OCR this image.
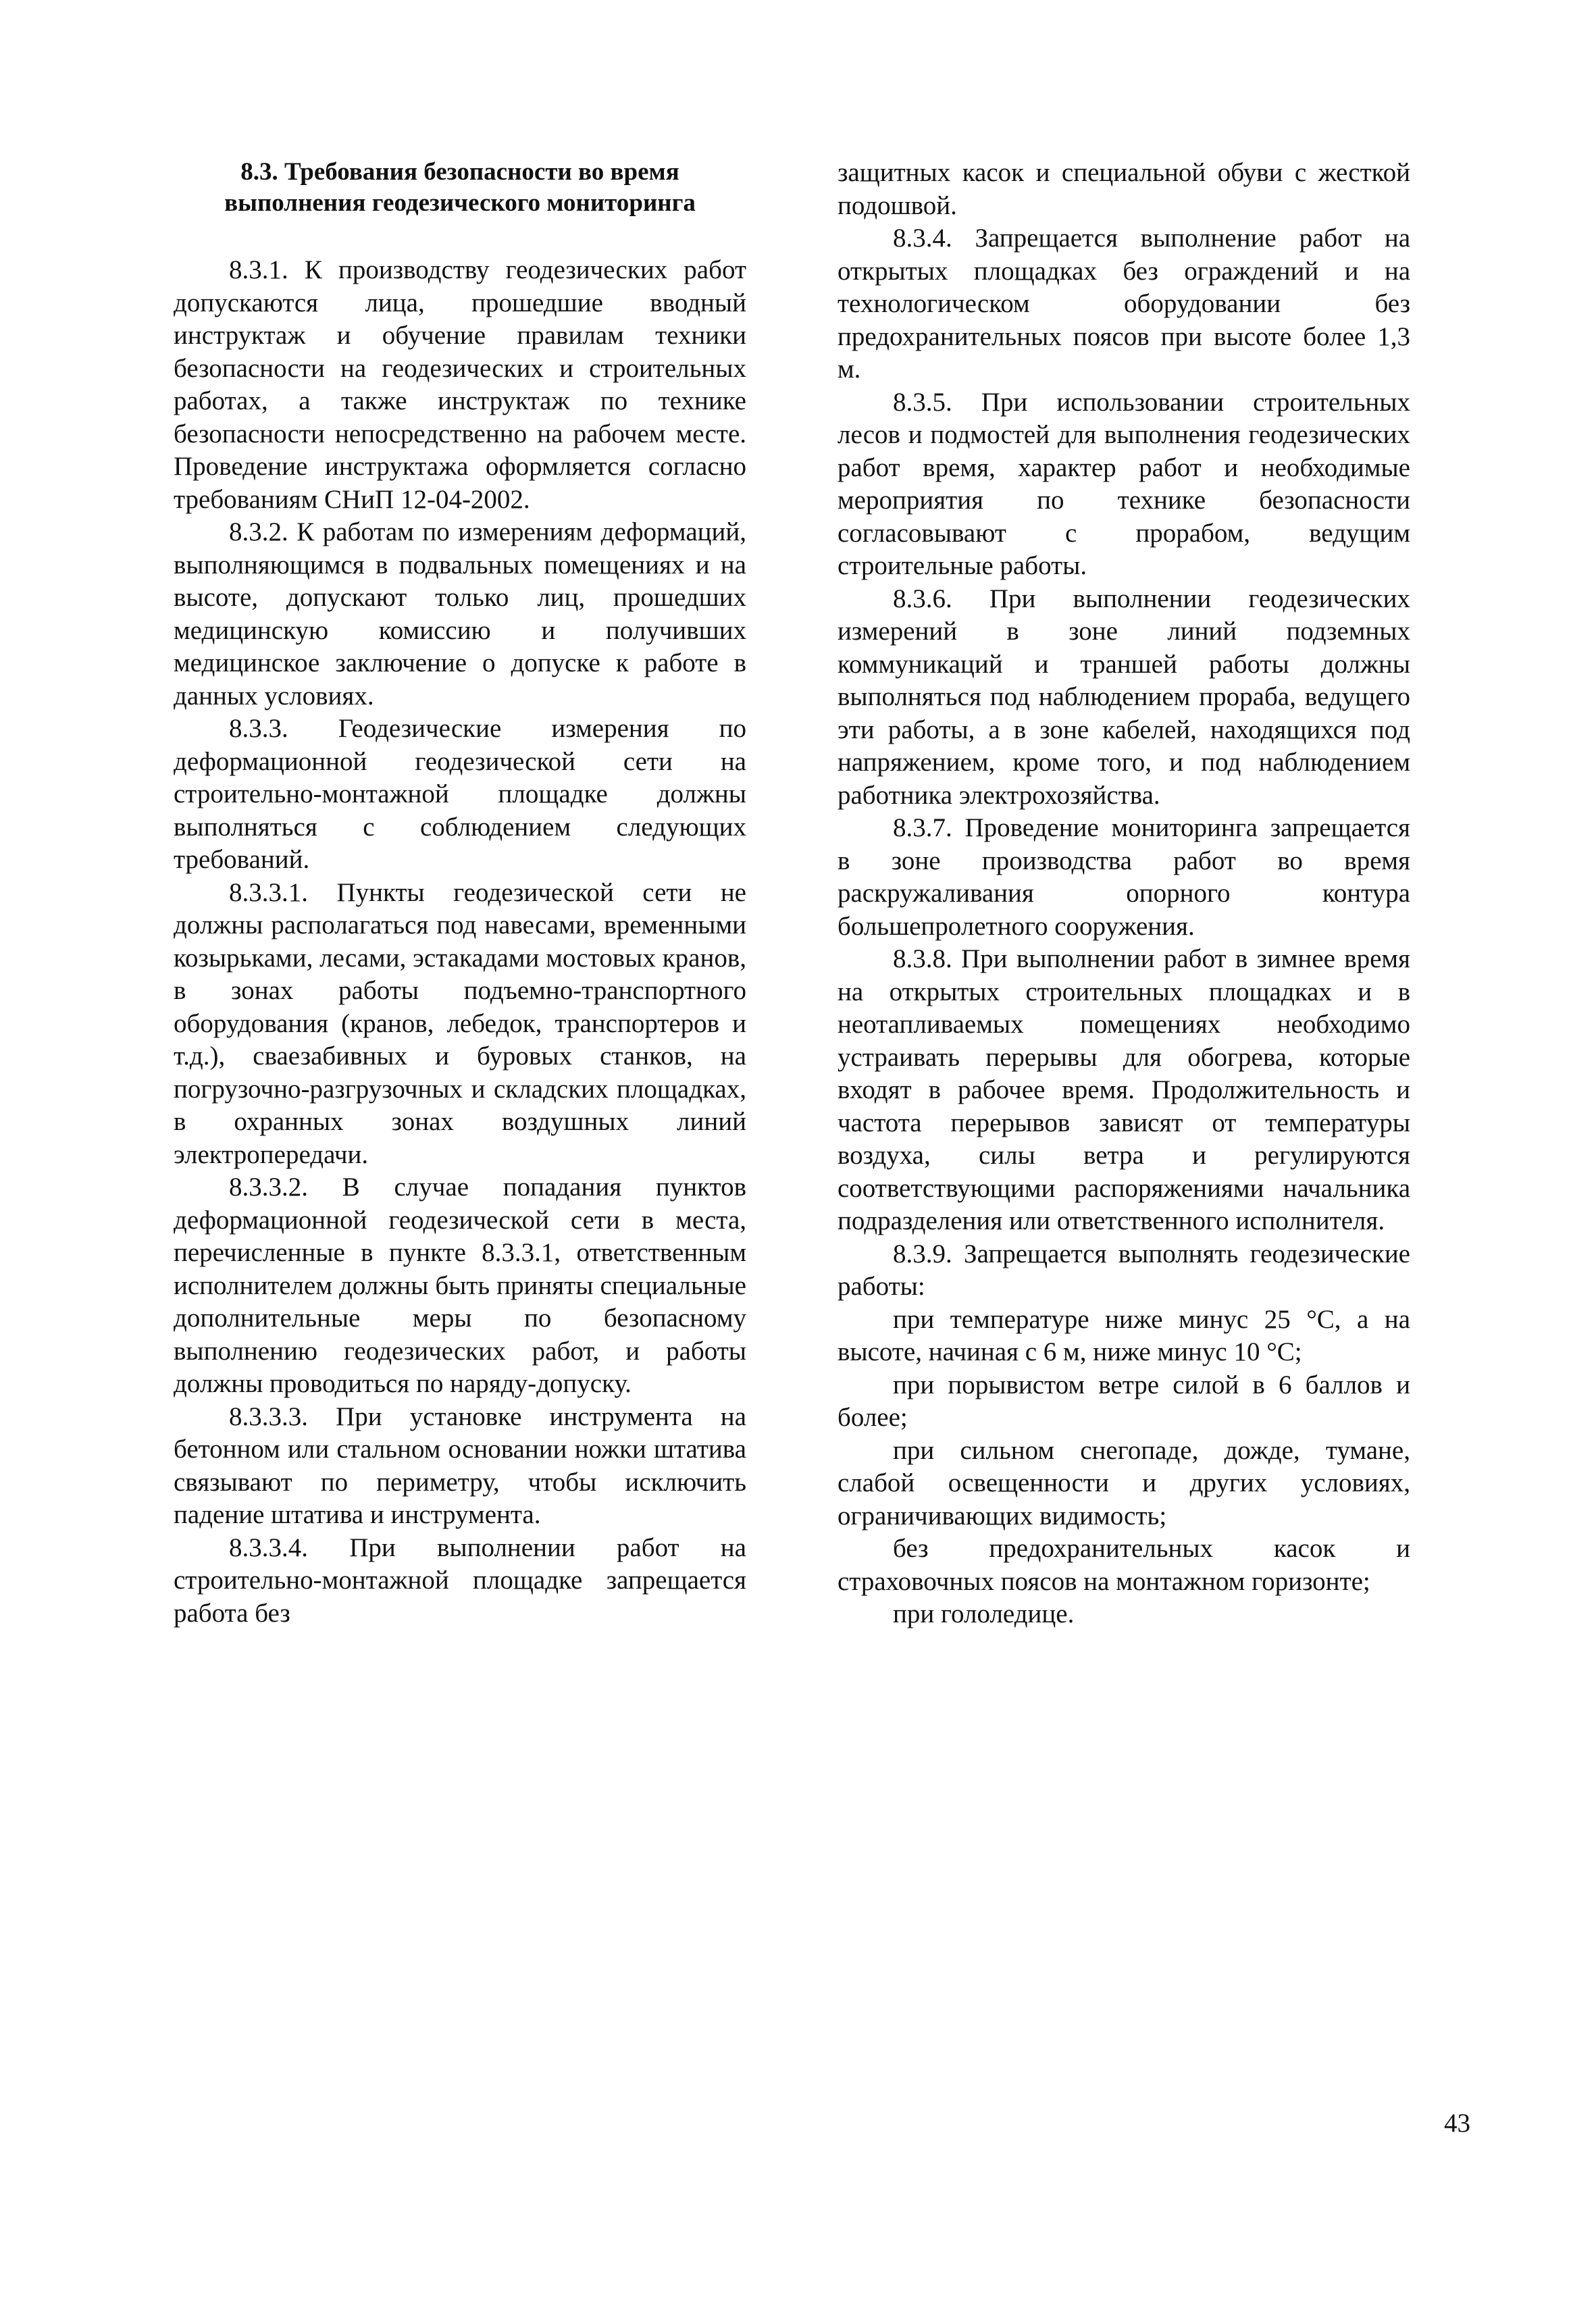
8.3. Требования безопасности во время
выполнения геодезического мониторинга

8.3.1. К производству геодезических работ допускаются лица, прошедшие вводный инструктаж и обучение правилам техники безопасности на геодезических и строительных работах, а также инструктаж по технике безопасности непосредственно на рабочем месте. Проведение инструктажа оформляется согласно требованиям СНиП 12-04-2002.

8.3.2. К работам по измерениям деформаций, выполняющимся в подвальных помещениях и на высоте, допускают только лиц, прошедших медицинскую комиссию и получивших медицинское заключение о допуске к работе в данных условиях.

8.3.3. Геодезические измерения по деформационной геодезической сети на строительно-монтажной площадке должны выполняться с соблюдением следующих требований.

8.3.3.1. Пункты геодезической сети не должны располагаться под навесами, временными козырьками, лесами, эстакадами мостовых кранов, в зонах работы подъемно-транспортного оборудования (кранов, лебедок, транспортеров и т.д.), сваезабивных и буровых станков, на погрузочно-разгрузочных и складских площадках, в охранных зонах воздушных линий электропередачи.

8.3.3.2. В случае попадания пунктов деформационной геодезической сети в места, перечисленные в пункте 8.3.3.1, ответственным исполнителем должны быть приняты специальные дополнительные меры по безопасному выполнению геодезических работ, и работы должны проводиться по наряду-допуску.

8.3.3.3. При установке инструмента на бетонном или стальном основании ножки штатива связывают по периметру, чтобы исключить падение штатива и инструмента.

8.3.3.4. При выполнении работ на строительно-монтажной площадке запрещается работа без

защитных касок и специальной обуви с жесткой подошвой.

8.3.4. Запрещается выполнение работ на открытых площадках без ограждений и на технологическом оборудовании без предохранительных поясов при высоте более 1,3 м.

8.3.5. При использовании строительных лесов и подмостей для выполнения геодезических работ время, характер работ и необходимые мероприятия по технике безопасности согласовывают с прорабом, ведущим строительные работы.

8.3.6. При выполнении геодезических измерений в зоне линий подземных коммуникаций и траншей работы должны выполняться под наблюдением прораба, ведущего эти работы, а в зоне кабелей, находящихся под напряжением, кроме того, и под наблюдением работника электрохозяйства.

8.3.7. Проведение мониторинга запрещается в зоне производства работ во время раскружаливания опорного контура большепролетного сооружения.

8.3.8. При выполнении работ в зимнее время на открытых строительных площадках и в неотапливаемых помещениях необходимо устраивать перерывы для обогрева, которые входят в рабочее время. Продолжительность и частота перерывов зависят от температуры воздуха, силы ветра и регулируются соответствующими распоряжениями начальника подразделения или ответственного исполнителя.

8.3.9. Запрещается выполнять геодезические работы:

при температуре ниже минус 25 °С, а на высоте, начиная с 6 м, ниже минус 10 °С;

при порывистом ветре силой в 6 баллов и более;

при сильном снегопаде, дожде, тумане, слабой освещенности и других условиях, ограничивающих видимость;

без предохранительных касок и страховочных поясов на монтажном горизонте;

при гололедице.

43
